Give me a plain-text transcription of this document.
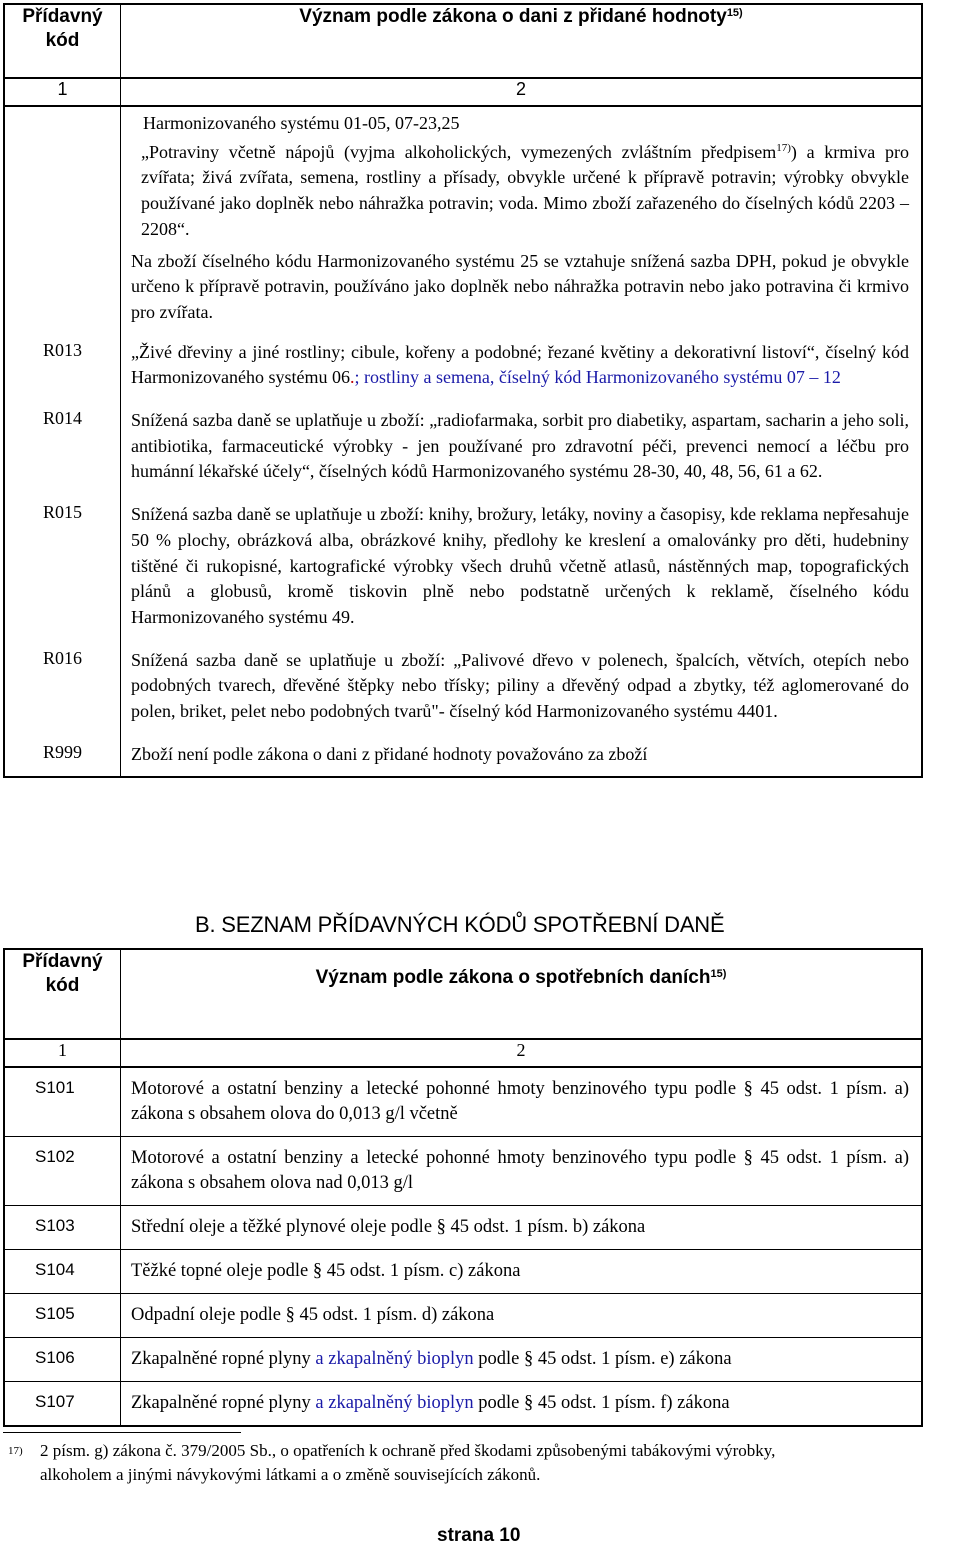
Přídavný
kód	Význam podle zákona o dani z přidané hodnoty$^{15)}$
1	2

	Harmonizovaného systému 01-05, 07-23,25

„Potraviny včetně nápojů (vyjma alkoholických, vymezených zvláštním předpisem$^{17)}$) a krmiva pro zvířata; živá zvířata, semena, rostliny a přísady, obvykle určené k přípravě potravin; výrobky obvykle používané jako doplněk nebo náhražka potravin; voda. Mimo zboží zařazeného do číselných kódů 2203 – 2208“.

Na zboží číselného kódu Harmonizovaného systému 25 se vztahuje snížená sazba DPH, pokud je obvykle určeno k přípravě potravin, používáno jako doplněk nebo náhražka potravin nebo jako potravina či krmivo pro zvířata.

R013	„Živé dřeviny a jiné rostliny; cibule, kořeny a podobné; řezané květiny a dekorativní listoví“, číselný kód Harmonizovaného systému 06.; rostliny a semena, číselný kód Harmonizovaného systému 07 – 12
R014	Snížená sazba daně se uplatňuje u zboží: „radiofarmaka, sorbit pro diabetiky, aspartam, sacharin a jeho soli, antibiotika, farmaceutické výrobky - jen používané pro zdravotní péči, prevenci nemocí a léčbu pro humánní lékařské účely“, číselných kódů Harmonizovaného systému 28-30, 40, 48, 56, 61 a 62.
R015	Snížená sazba daně se uplatňuje u zboží: knihy, brožury, letáky, noviny a časopisy, kde reklama nepřesahuje 50 % plochy, obrázková alba, obrázkové knihy, předlohy ke kreslení a omalovánky pro děti, hudebniny tištěné či rukopisné, kartografické výrobky všech druhů včetně atlasů, nástěnných map, topografických plánů a globusů, kromě tiskovin plně nebo podstatně určených k reklamě, číselného kódu Harmonizovaného systému 49.
R016	Snížená sazba daně se uplatňuje u zboží: „Palivové dřevo v polenech, špalcích, větvích, otepích nebo podobných tvarech, dřevěné štěpky nebo třísky; piliny a dřevěný odpad a zbytky, též aglomerované do polen, briket, pelet nebo podobných tvarů"- číselný kód Harmonizovaného systému 4401.
R999	Zboží není podle zákona o dani z přidané hodnoty považováno za zboží
B. SEZNAM PŘÍDAVNÝCH KÓDŮ SPOTŘEBNÍ DANĚ
Přídavný
kód	Význam podle zákona o spotřebních daních$^{15)}$
1	2
S101	Motorové a ostatní benziny a letecké pohonné hmoty benzinového typu podle § 45 odst. 1 písm. a) zákona s obsahem olova do 0,013 g/l včetně
S102	Motorové a ostatní benziny a letecké pohonné hmoty benzinového typu podle § 45 odst. 1 písm. a) zákona s obsahem olova nad 0,013 g/l
S103	Střední oleje a těžké plynové oleje podle § 45 odst. 1 písm. b) zákona
S104	Těžké topné oleje podle § 45 odst. 1 písm. c) zákona
S105	Odpadní oleje podle § 45 odst. 1 písm. d) zákona
S106	Zkapalněné ropné plyny a zkapalněný bioplyn podle § 45 odst. 1 písm. e) zákona
S107	Zkapalněné ropné plyny a zkapalněný bioplyn podle § 45 odst. 1 písm. f) zákona
17)	2 písm. g) zákona č. 379/2005 Sb., o opatřeních k ochraně před škodami způsobenými tabákovými výrobky,
alkoholem a jinými návykovými látkami a o změně souvisejících zákonů.
strana 10
